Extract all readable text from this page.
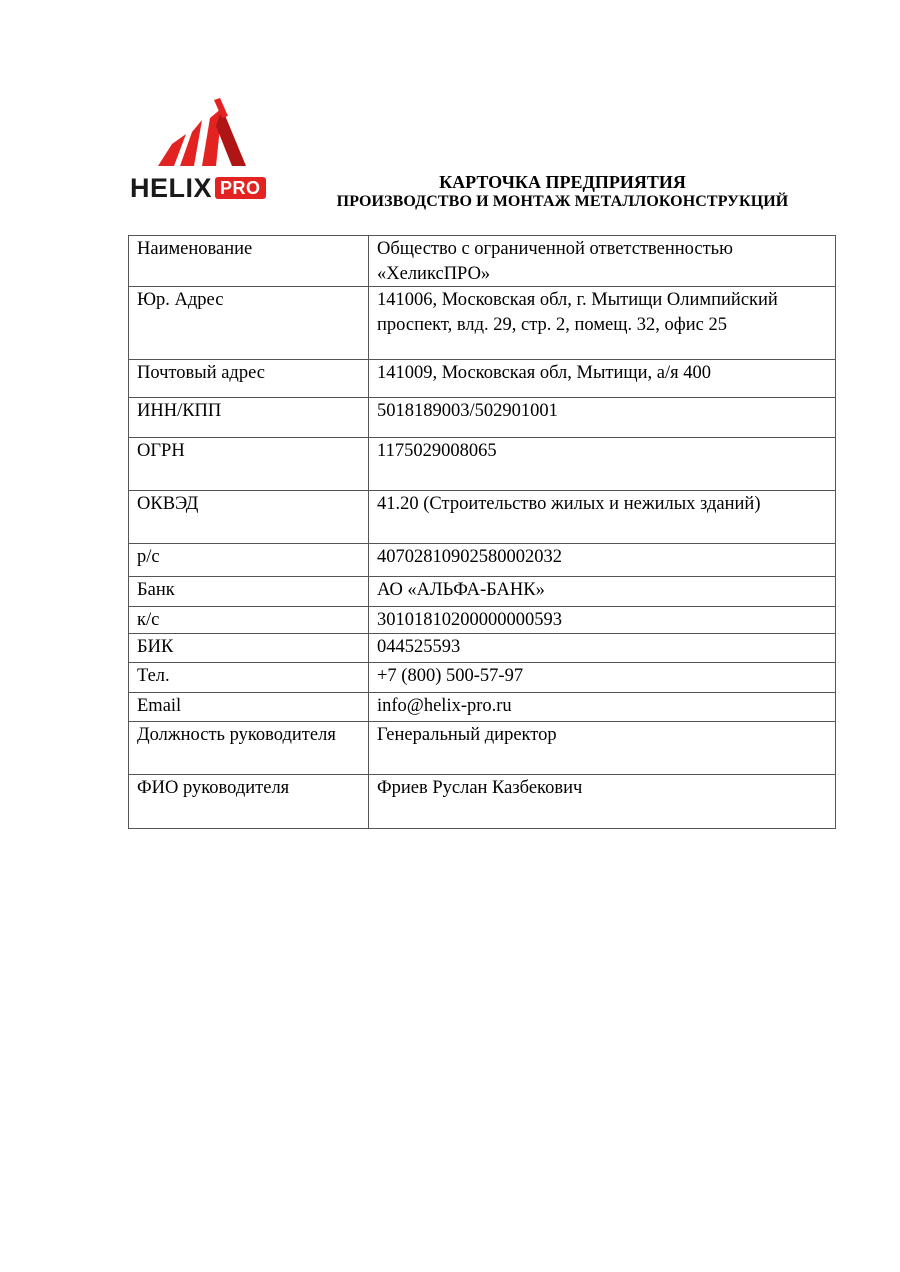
HELIX PRO	КАРТОЧКА ПРЕДПРИЯТИЯ
ПРОИЗВОДСТВО И МОНТАЖ МЕТАЛЛОКОНСТРУКЦИЙ
Наименование	Общество с ограниченной ответственностью «ХеликсПРО»
Юр. Адрес	141006, Московская обл, г. Мытищи Олимпийский проспект, влд. 29, стр. 2, помещ. 32, офис 25
Почтовый адрес	141009, Московская обл, Мытищи, а/я 400
ИНН/КПП	5018189003/502901001
ОГРН	1175029008065
ОКВЭД	41.20 (Строительство жилых и нежилых зданий)
р/с	40702810902580002032
Банк	АО «АЛЬФА-БАНК»
к/с	30101810200000000593
БИК	044525593
Тел.	+7 (800) 500-57-97
Email	info@helix-pro.ru
Должность руководителя	Генеральный директор
ФИО руководителя	Фриев Руслан Казбекович
